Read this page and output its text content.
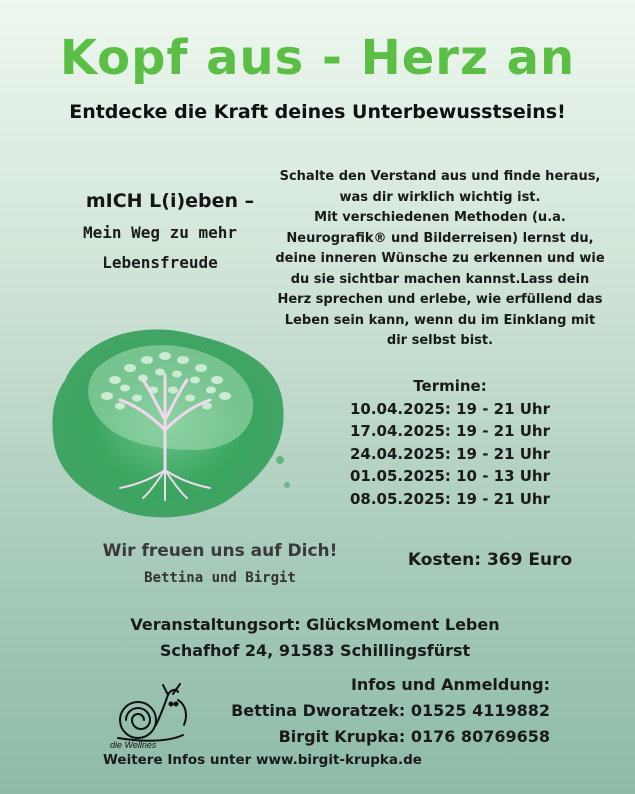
Kopf aus - Herz an
Entdecke die Kraft deines Unterbewusstseins!
mICH L(i)eben –
Mein Weg zu mehr
Lebensfreude
Schalte den Verstand aus und finde heraus,
was dir wirklich wichtig ist.
Mit verschiedenen Methoden (u.a.
Neurografik® und Bilderreisen) lernst du,
deine inneren Wünsche zu erkennen und wie
du sie sichtbar machen kannst.Lass dein
Herz sprechen und erlebe, wie erfüllend das
Leben sein kann, wenn du im Einklang mit
dir selbst bist.
Termine:
10.04.2025: 19 - 21 Uhr
17.04.2025: 19 - 21 Uhr
24.04.2025: 19 - 21 Uhr
01.05.2025: 10 - 13 Uhr
08.05.2025: 19 - 21 Uhr
Wir freuen uns auf Dich!
Bettina und Birgit
Kosten: 369 Euro
Veranstaltungsort: GlücksMoment Leben
Schafhof 24, 91583 Schillingsfürst
Infos und Anmeldung:
Bettina Dworatzek: 01525 4119882
Birgit Krupka: 0176 80769658
die Wellnes
Weitere Infos unter www.birgit-krupka.de
